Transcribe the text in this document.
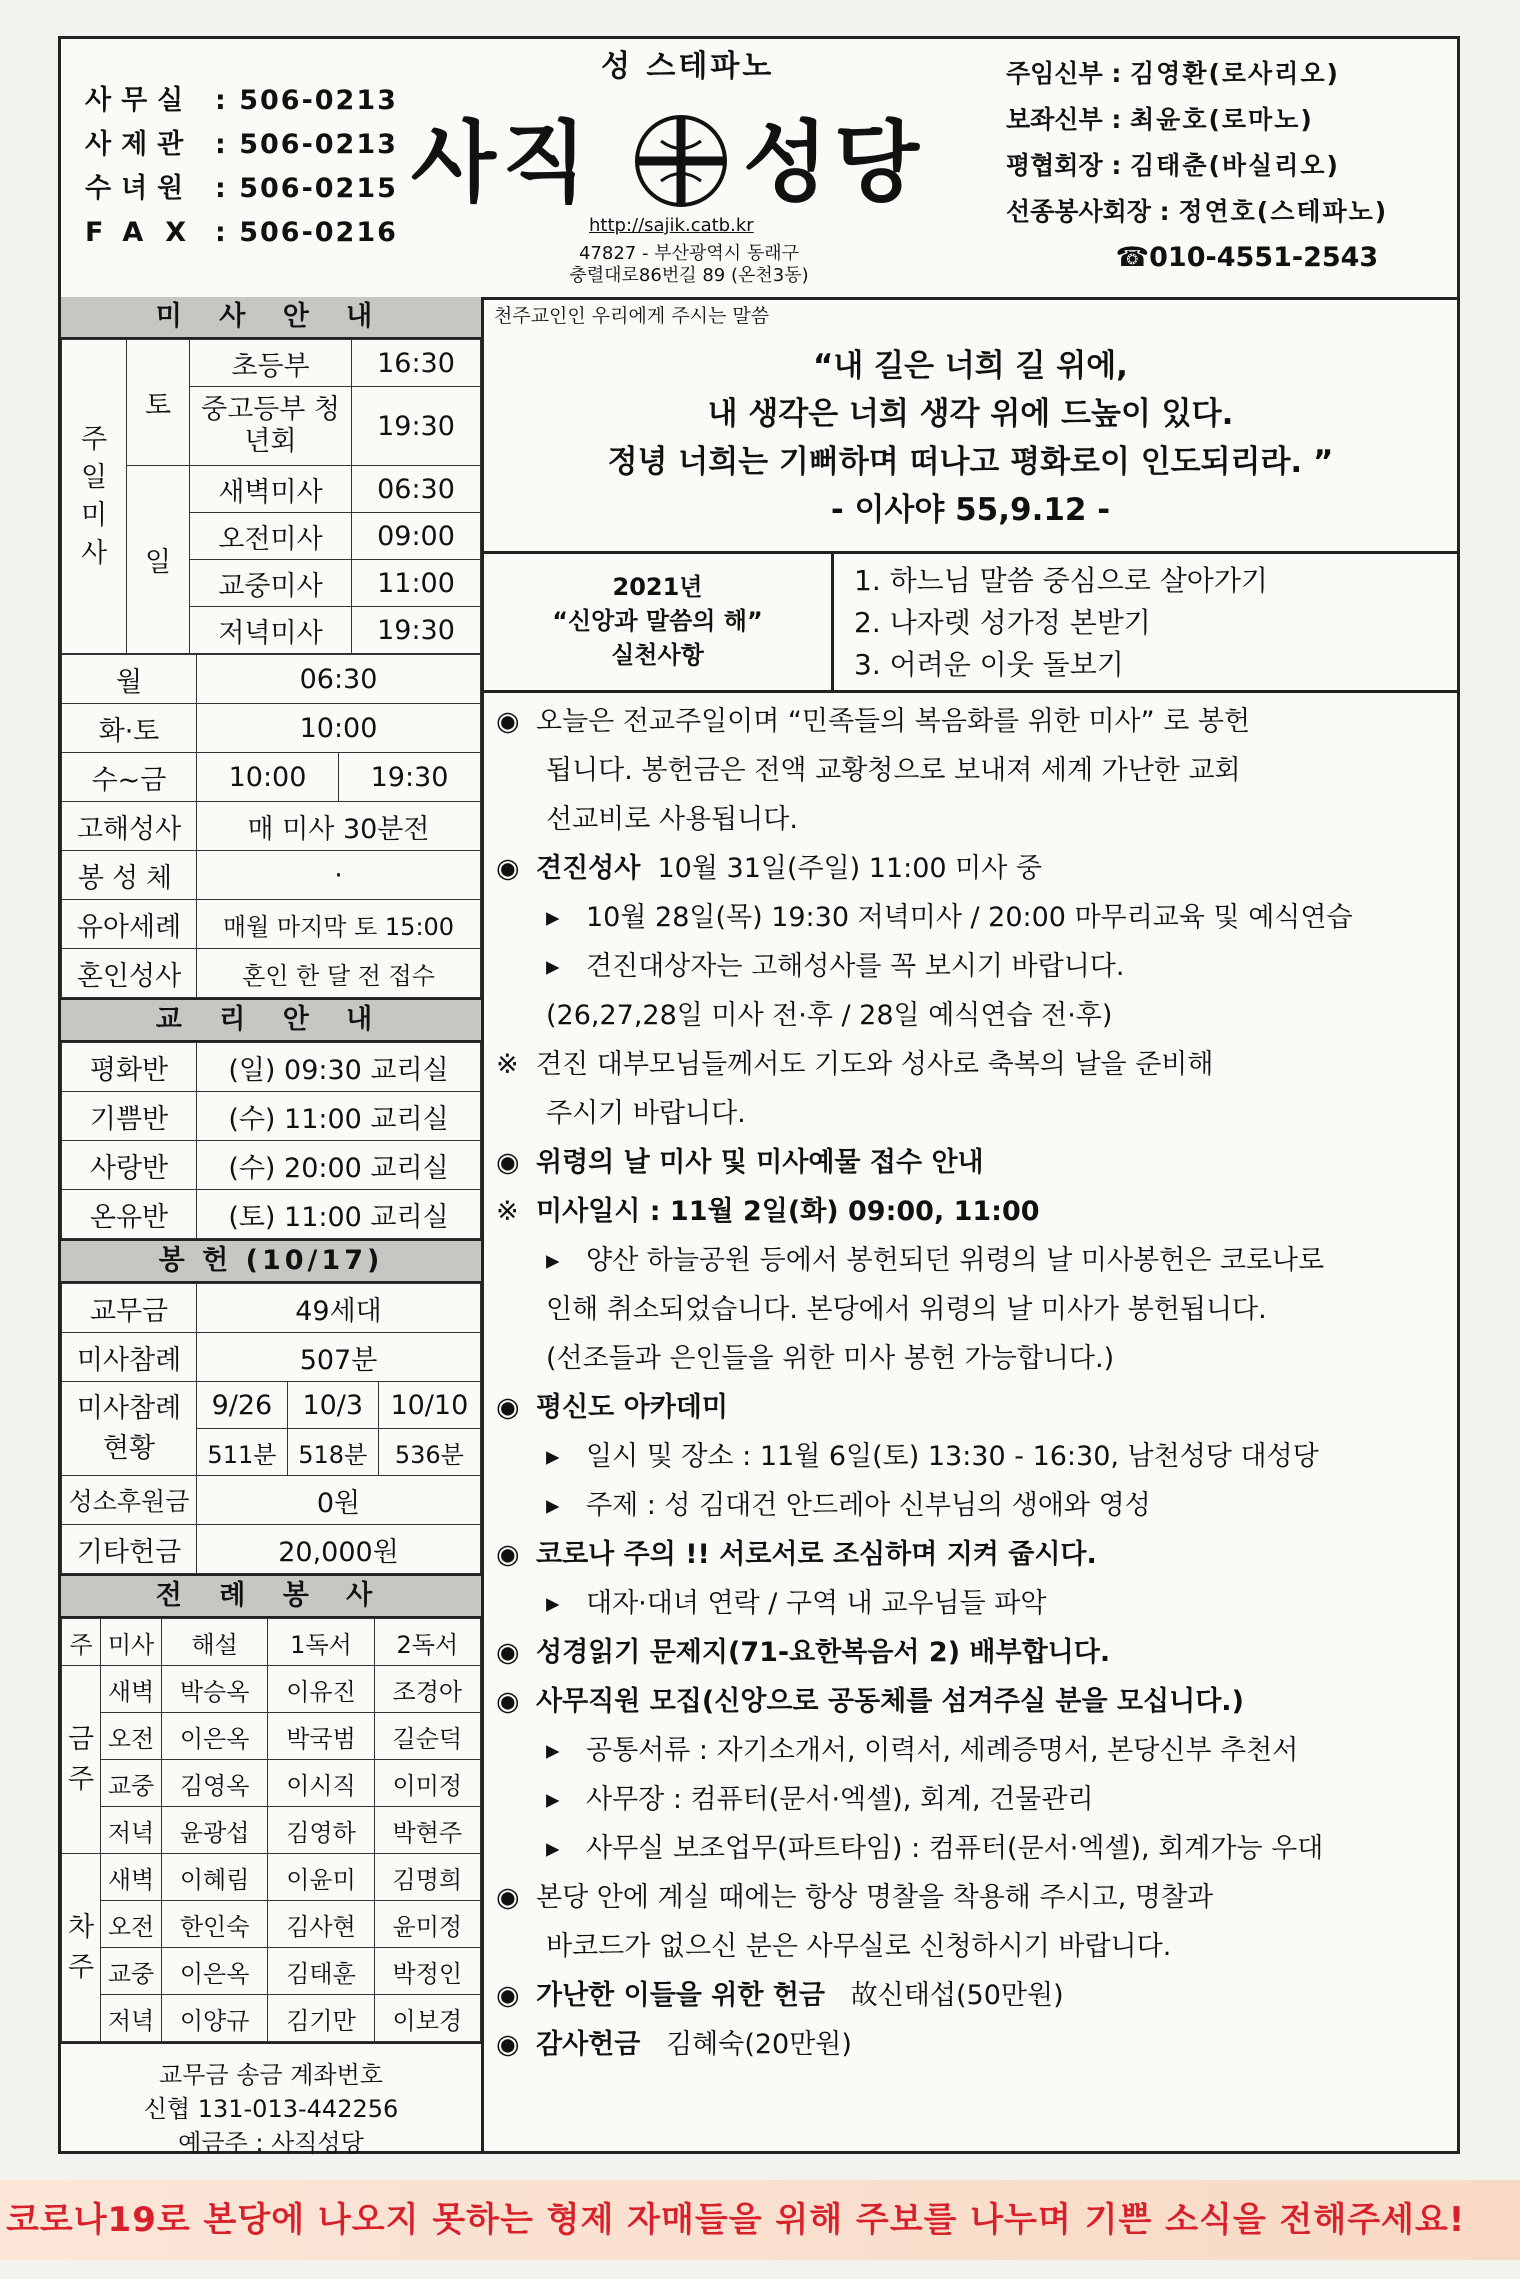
사무실 : 506-0213
사제관 : 506-0213
수녀원 : 506-0215
FAX : 506-0216
성 스테파노
사직 성당
http://sajik.catb.kr
47827 - 부산광역시 동래구
충렬대로86번길 89 (온천3동)
주임신부 : 김영환(로사리오)
보좌신부 : 최윤호(로마노)
평협회장 : 김태춘(바실리오)
선종봉사회장 : 정연호(스테파노)
☎010-4551-2543
미 사 안 내
주일미사	토	초등부	16:30
		중고등부 청년회	19:30
	일	새벽미사	06:30
		오전미사	09:00
		교중미사	11:00
		저녁미사	19:30
월	06:30	
화·토	10:00	
수~금	10:00	19:30
고해성사	매 미사 30분전	
봉성체	·	
유아세례	매월 마지막 토 15:00	
혼인성사	혼인 한 달 전 접수	
교 리 안 내
평화반	(일) 09:30 교리실
기쁨반	(수) 11:00 교리실
사랑반	(수) 20:00 교리실
온유반	(토) 11:00 교리실
봉 헌 (10/17)
교무금	49세대		
미사참례	507분		
미사참례 현황	9/26	10/3	10/10
	511분	518분	536분
성소후원금	0원		
기타헌금	20,000원		
전 례 봉 사
주	미사	해설	1독서	2독서
금주	새벽	박승옥	이유진	조경아
	오전	이은옥	박국범	길순덕
	교중	김영옥	이시직	이미정
	저녁	윤광섭	김영하	박현주
차주	새벽	이혜림	이윤미	김명희
	오전	한인숙	김사현	윤미정
	교중	이은옥	김태훈	박정인
	저녁	이양규	김기만	이보경
교무금 송금 계좌번호
신협 131-013-442256
예금주 : 사직성당
천주교인인 우리에게 주시는 말씀
“내 길은 너희 길 위에,
내 생각은 너희 생각 위에 드높이 있다.
정녕 너희는 기뻐하며 떠나고 평화로이 인도되리라. ”
- 이사야 55,9.12 -
2021년
“신앙과 말씀의 해”
실천사항
1. 하느님 말씀 중심으로 살아가기
2. 나자렛 성가정 본받기
3. 어려운 이웃 돌보기
◉ 오늘은 전교주일이며 “민족들의 복음화를 위한 미사” 로 봉헌
됩니다. 봉헌금은 전액 교황청으로 보내져 세계 가난한 교회
선교비로 사용됩니다.
◉ 견진성사  10월 31일(주일) 11:00 미사 중
▸ 10월 28일(목) 19:30 저녁미사 / 20:00 마무리교육 및 예식연습
▸ 견진대상자는 고해성사를 꼭 보시기 바랍니다.
(26,27,28일 미사 전·후 / 28일 예식연습 전·후)
※ 견진 대부모님들께서도 기도와 성사로 축복의 날을 준비해
주시기 바랍니다.
◉ 위령의 날 미사 및 미사예물 접수 안내
※ 미사일시 : 11월 2일(화) 09:00, 11:00
▸ 양산 하늘공원 등에서 봉헌되던 위령의 날 미사봉헌은 코로나로
인해 취소되었습니다. 본당에서 위령의 날 미사가 봉헌됩니다.
(선조들과 은인들을 위한 미사 봉헌 가능합니다.)
◉ 평신도 아카데미
▸ 일시 및 장소 : 11월 6일(토) 13:30 - 16:30, 남천성당 대성당
▸ 주제 : 성 김대건 안드레아 신부님의 생애와 영성
◉ 코로나 주의 !! 서로서로 조심하며 지켜 줍시다.
▸ 대자·대녀 연락 / 구역 내 교우님들 파악
◉ 성경읽기 문제지(71-요한복음서 2) 배부합니다.
◉ 사무직원 모집(신앙으로 공동체를 섬겨주실 분을 모십니다.)
▸ 공통서류 : 자기소개서, 이력서, 세례증명서, 본당신부 추천서
▸ 사무장 : 컴퓨터(문서·엑셀), 회계, 건물관리
▸ 사무실 보조업무(파트타임) : 컴퓨터(문서·엑셀), 회계가능 우대
◉ 본당 안에 계실 때에는 항상 명찰을 착용해 주시고, 명찰과
바코드가 없으신 분은 사무실로 신청하시기 바랍니다.
◉ 가난한 이들을 위한 헌금   故신태섭(50만원)
◉ 감사헌금   김혜숙(20만원)
코로나19로 본당에 나오지 못하는 형제 자매들을 위해 주보를 나누며 기쁜 소식을 전해주세요!
